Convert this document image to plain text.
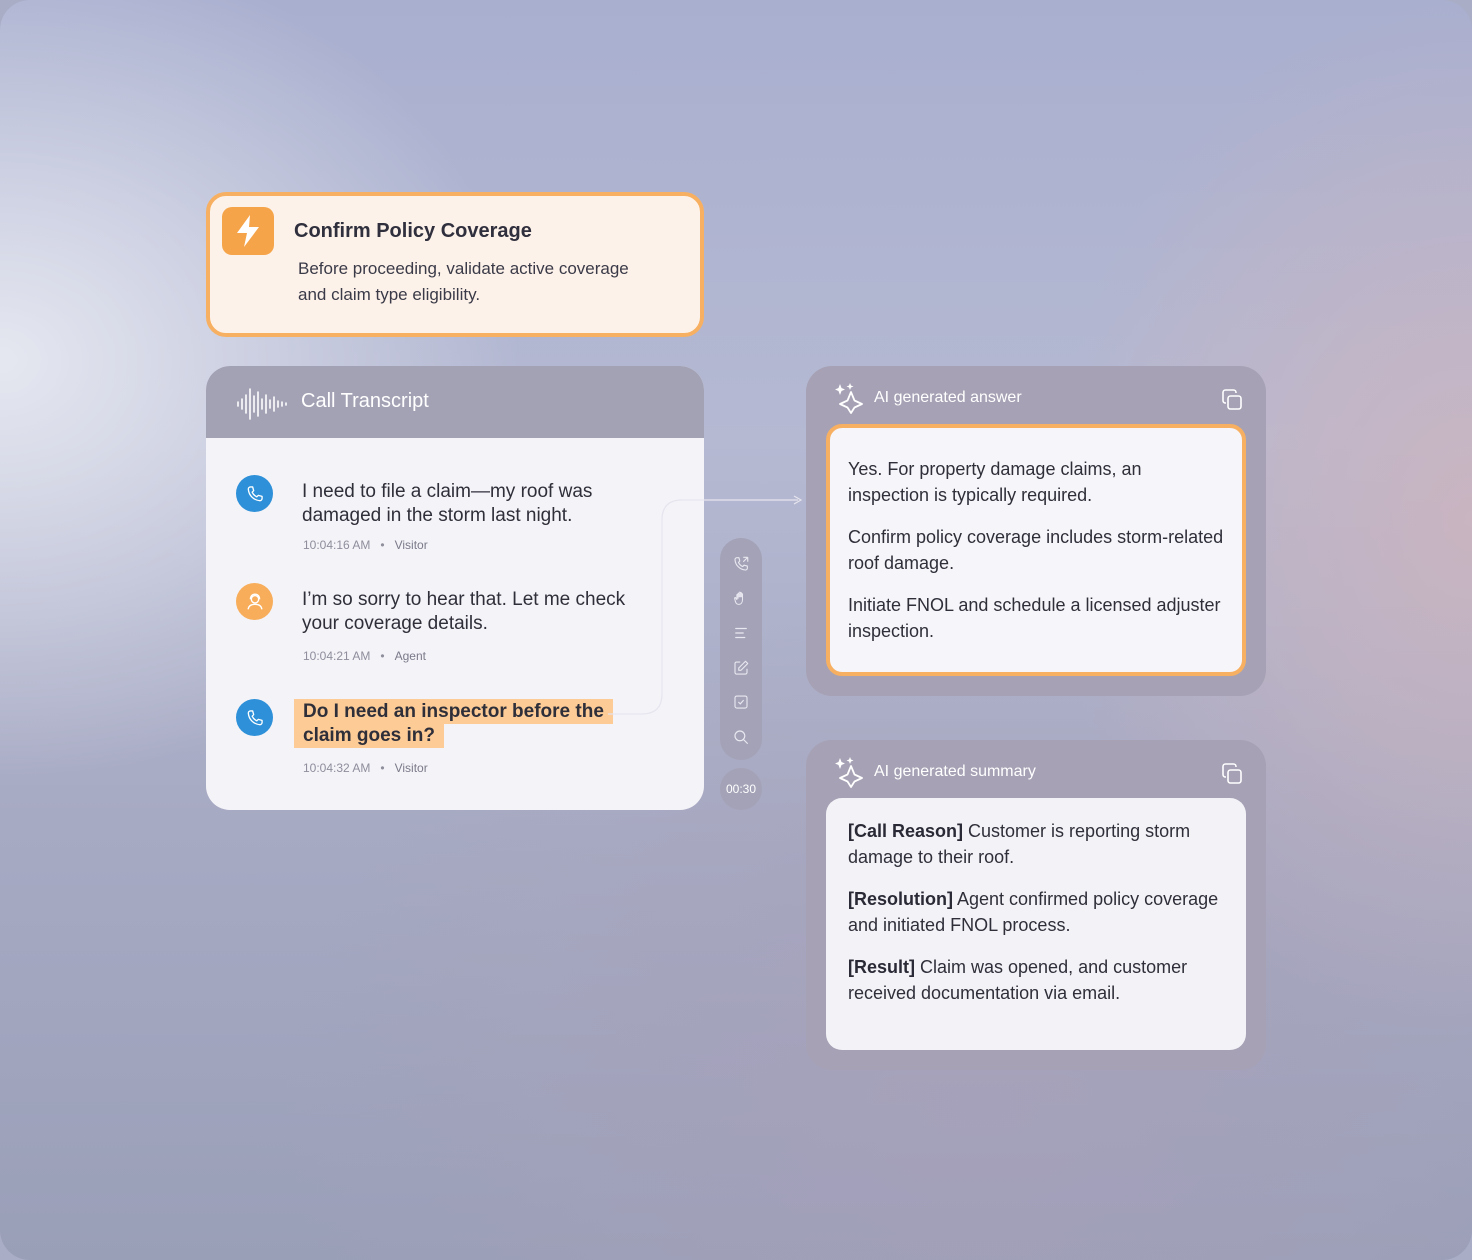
Confirm Policy Coverage
Before proceeding, validate active coverage and claim type eligibility.
Call Transcript
I need to file a claim—my roof was damaged in the storm last night.
10:04:16 AM • Visitor
I’m so sorry to hear that. Let me check your coverage details.
10:04:21 AM • Agent
Do I need an inspector before the claim goes in?
10:04:32 AM • Visitor
00:30
AI generated answer

Yes. For property damage claims, an inspection is typically required.

Confirm policy coverage includes storm-related roof damage.

Initiate FNOL and schedule a licensed adjuster inspection.

AI generated summary

[Call Reason] Customer is reporting storm damage to their roof.

[Resolution] Agent confirmed policy coverage and initiated FNOL process.

[Result] Claim was opened, and customer received documentation via email.
